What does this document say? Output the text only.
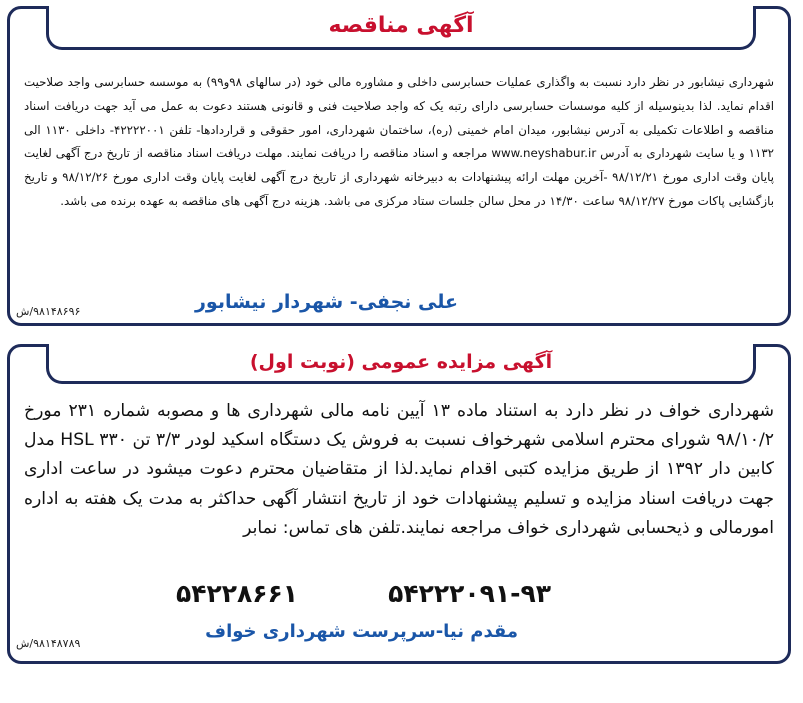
آگهی مناقصه
شهرداری نیشابور در نظر دارد نسبت به واگذاری عملیات حسابرسی داخلی و مشاوره مالی خود (در سالهای ۹۸و۹۹) به موسسه حسابرسی واجد صلاحیت اقدام نماید. لذا بدینوسیله از کلیه موسسات حسابرسی دارای رتبه یک که واجد صلاحیت فنی و قانونی هستند دعوت به عمل می آید جهت دریافت اسناد مناقصه و اطلاعات تکمیلی به آدرس نیشابور، میدان امام خمینی (ره)، ساختمان شهرداری، امور حقوقی و قراردادها- تلفن ۴۲۲۲۲۰۰۱- داخلی ۱۱۳۰ الی ۱۱۳۲ و یا سایت شهرداری به آدرس www.neyshabur.ir مراجعه و اسناد مناقصه را دریافت نمایند. مهلت دریافت اسناد مناقصه از تاریخ درج آگهی لغایت پایان وقت اداری مورخ ۹۸/۱۲/۲۱ -آخرین مهلت ارائه پیشنهادات به دبیرخانه شهرداری از تاریخ درج آگهی لغایت پایان وقت اداری مورخ ۹۸/۱۲/۲۶ و تاریخ بازگشایی پاکات مورخ ۹۸/۱۲/۲۷ ساعت ۱۴/۳۰ در محل سالن جلسات ستاد مرکزی می باشد. هزینه درج آگهی های مناقصه به عهده برنده می باشد.
علی نجفی- شهردار نیشابور
۹۸۱۴۸۶۹۶/ش
آگهی مزایده عمومی (نوبت اول)
شهرداری خواف در نظر دارد به استناد ماده ۱۳ آیین نامه مالی شهرداری ها و مصوبه شماره ۲۳۱ مورخ ۹۸/۱۰/۲ شورای محترم اسلامی شهرخواف نسبت به فروش یک دستگاه اسکید لودر ۳/۳ تن ۳۳۰ HSL مدل کابین دار ۱۳۹۲ از طریق مزایده کتبی اقدام نماید.لذا از متقاضیان محترم دعوت میشود در ساعت اداری جهت دریافت اسناد مزایده و تسلیم پیشنهادات خود از تاریخ انتشار آگهی حداکثر به مدت یک هفته به اداره امورمالی و ذیحسابی شهرداری خواف مراجعه نمایند.تلفن های تماس: نمابر
۵۴۲۲۸۶۶۱	۵۴۲۲۲۰۹۱-۹۳
مقدم نیا-سرپرست شهرداری خواف
۹۸۱۴۸۷۸۹/ش
